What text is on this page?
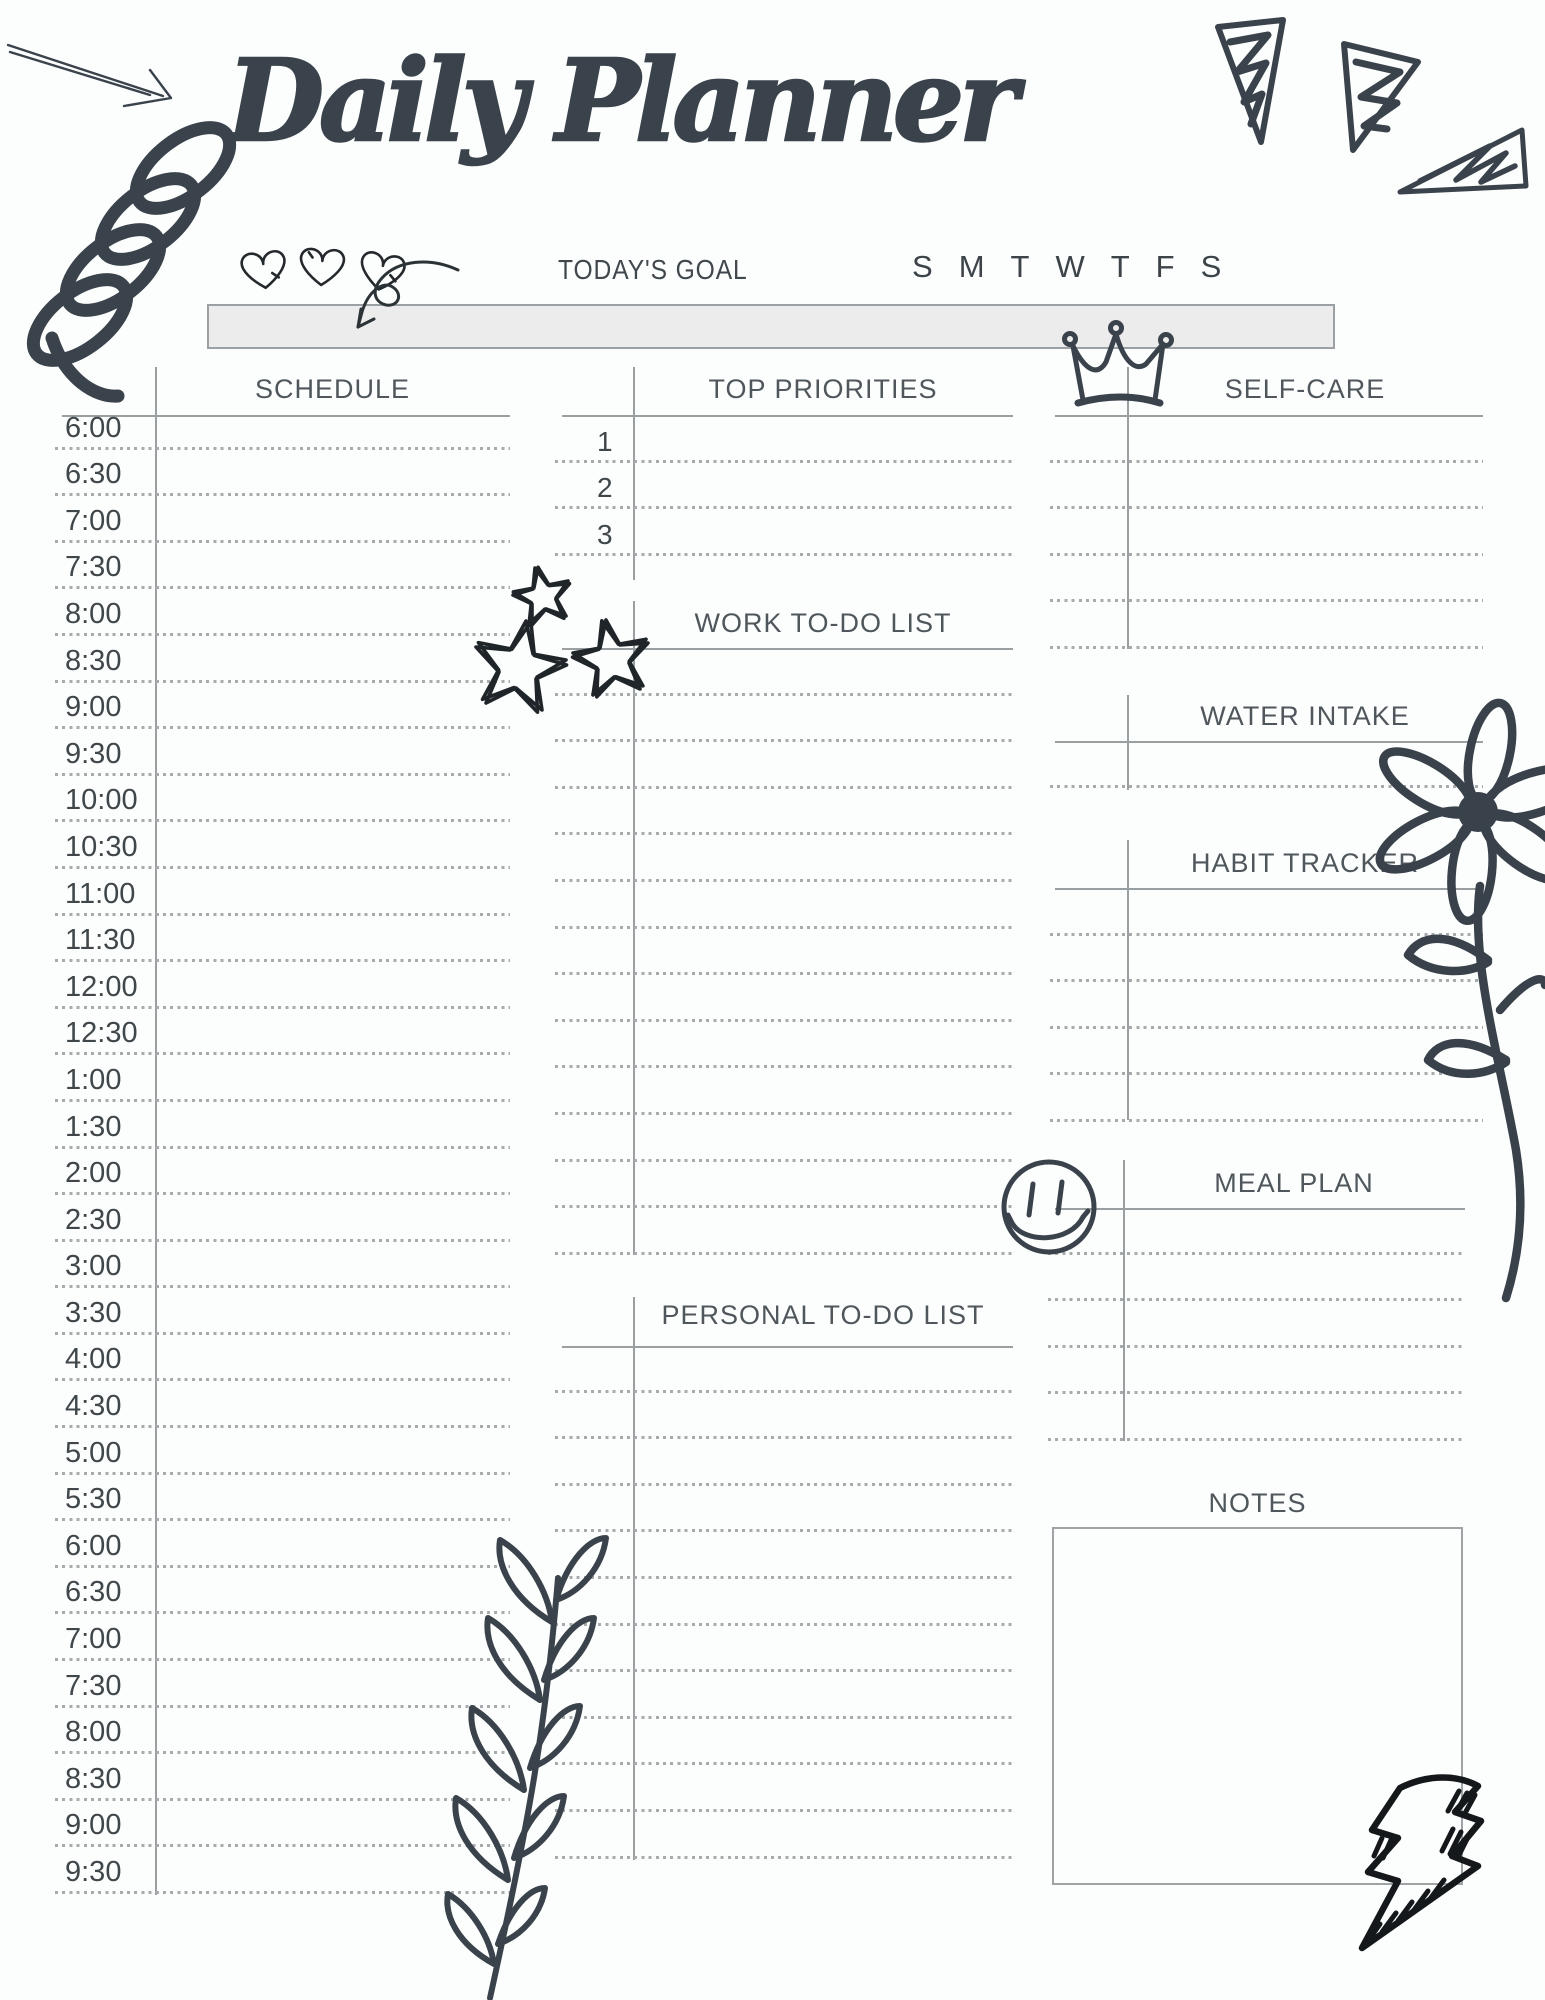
Daily Planner
TODAY'S GOAL	S M T W T F S
SCHEDULE
6:00
6:30
7:00
7:30
8:00
8:30
9:00
9:30
10:00
10:30
11:00
11:30
12:00
12:30
1:00
1:30
2:00
2:30
3:00
3:30
4:00
4:30
5:00
5:30
6:00
6:30
7:00
7:30
8:00
8:30
9:00
9:30
TOP PRIORITIES
1
2
3
WORK TO-DO LIST
PERSONAL TO-DO LIST
SELF-CARE
WATER INTAKE
HABIT TRACKER
MEAL PLAN
NOTES
